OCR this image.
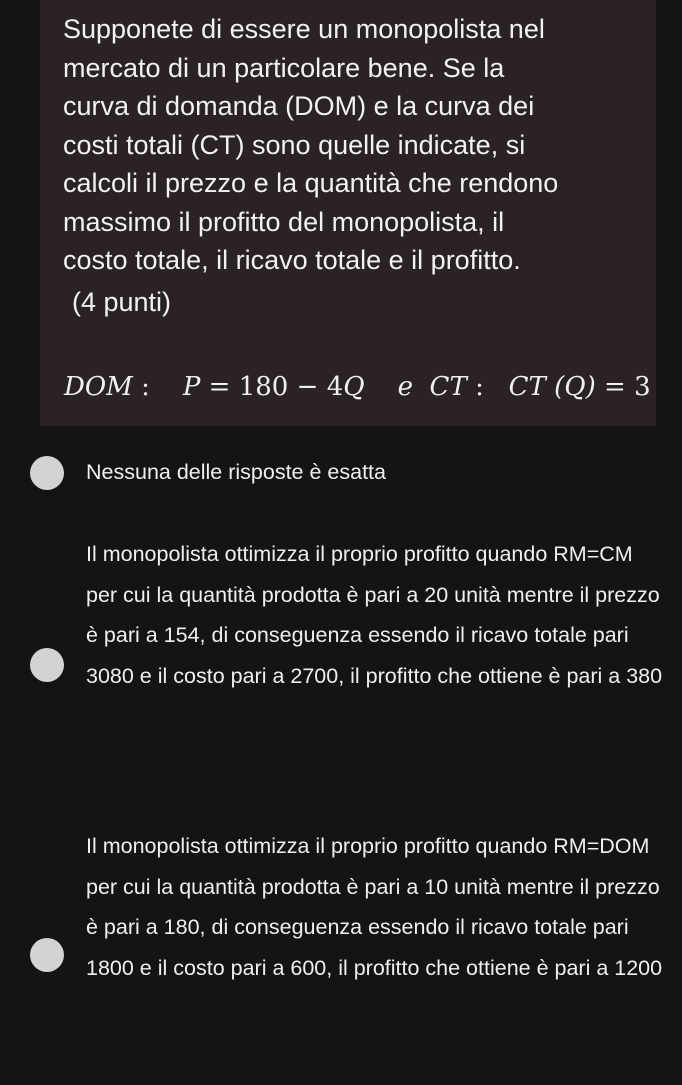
Supponete di essere un monopolista nel
mercato di un particolare bene. Se la
curva di domanda (DOM) e la curva dei
costi totali (CT) sono quelle indicate, si
calcoli il prezzo e la quantità che rendono
massimo il profitto del monopolista, il
costo totale, il ricavo totale e il profitto.

(4 punti)

DOM : P = 180 − 4Q e CT : CT (Q) = 3

Nessuna delle risposte è esatta

Il monopolista ottimizza il proprio profitto quando RM=CM per cui la quantità prodotta è pari a 20 unità mentre il prezzo è pari a 154, di conseguenza essendo il ricavo totale pari 3080 e il costo pari a 2700, il profitto che ottiene è pari a 380

Il monopolista ottimizza il proprio profitto quando RM=DOM per cui la quantità prodotta è pari a 10 unità mentre il prezzo è pari a 180, di conseguenza essendo il ricavo totale pari 1800 e il costo pari a 600, il profitto che ottiene è pari a 1200
